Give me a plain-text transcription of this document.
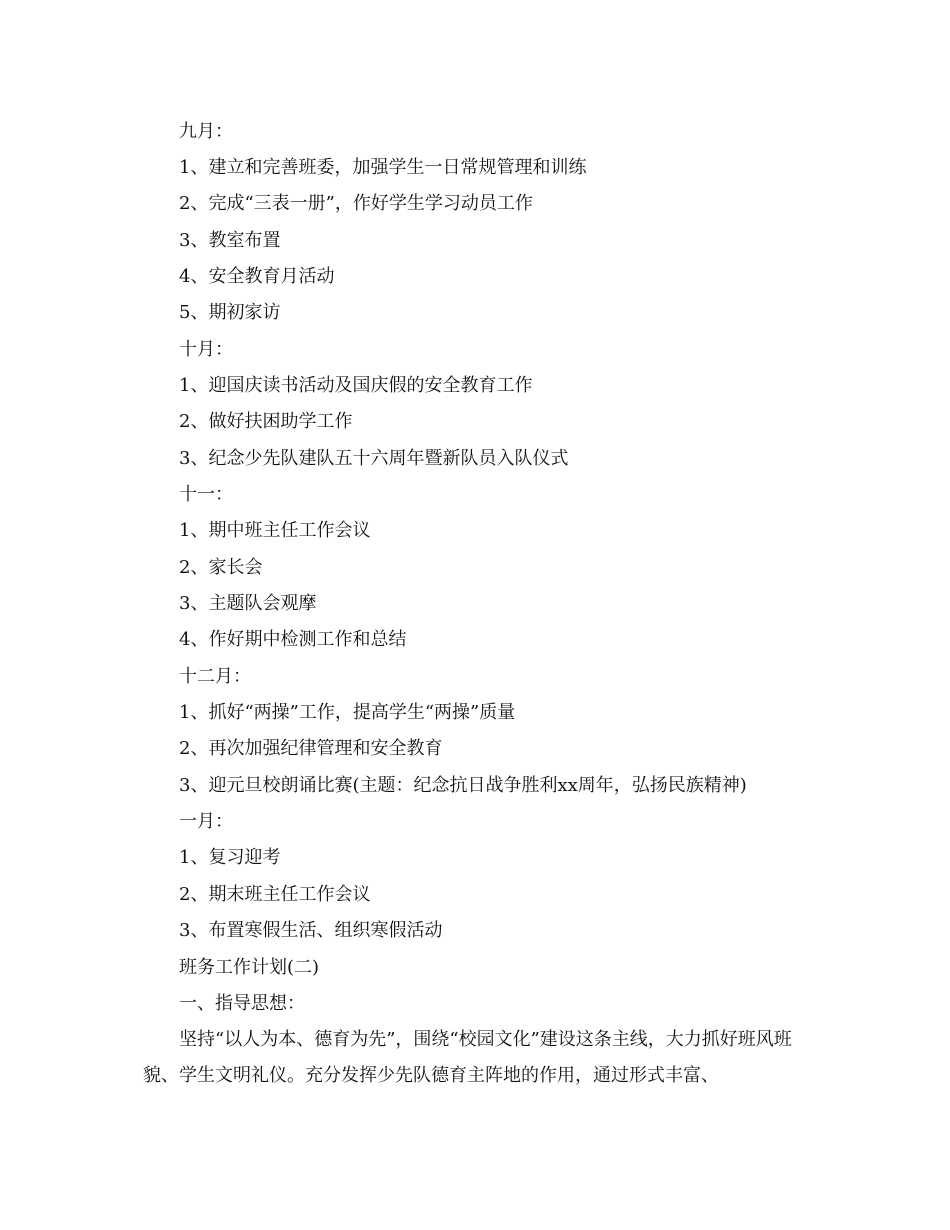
九月：
1、建立和完善班委，加强学生一日常规管理和训练
2、完成“三表一册”，作好学生学习动员工作
3、教室布置
4、安全教育月活动
5、期初家访
十月：
1、迎国庆读书活动及国庆假的安全教育工作
2、做好扶困助学工作
3、纪念少先队建队五十六周年暨新队员入队仪式
十一：
1、期中班主任工作会议
2、家长会
3、主题队会观摩
4、作好期中检测工作和总结
十二月：
1、抓好“两操”工作，提高学生“两操”质量
2、再次加强纪律管理和安全教育
3、迎元旦校朗诵比赛(主题：纪念抗日战争胜利xx周年，弘扬民族精神)
一月：
1、复习迎考
2、期末班主任工作会议
3、布置寒假生活、组织寒假活动
班务工作计划(二)
一、指导思想：
坚持“以人为本、德育为先”，围绕“校园文化”建设这条主线，大力抓好班风班貌、学生文明礼仪。充分发挥少先队德育主阵地的作用，通过形式丰富、
